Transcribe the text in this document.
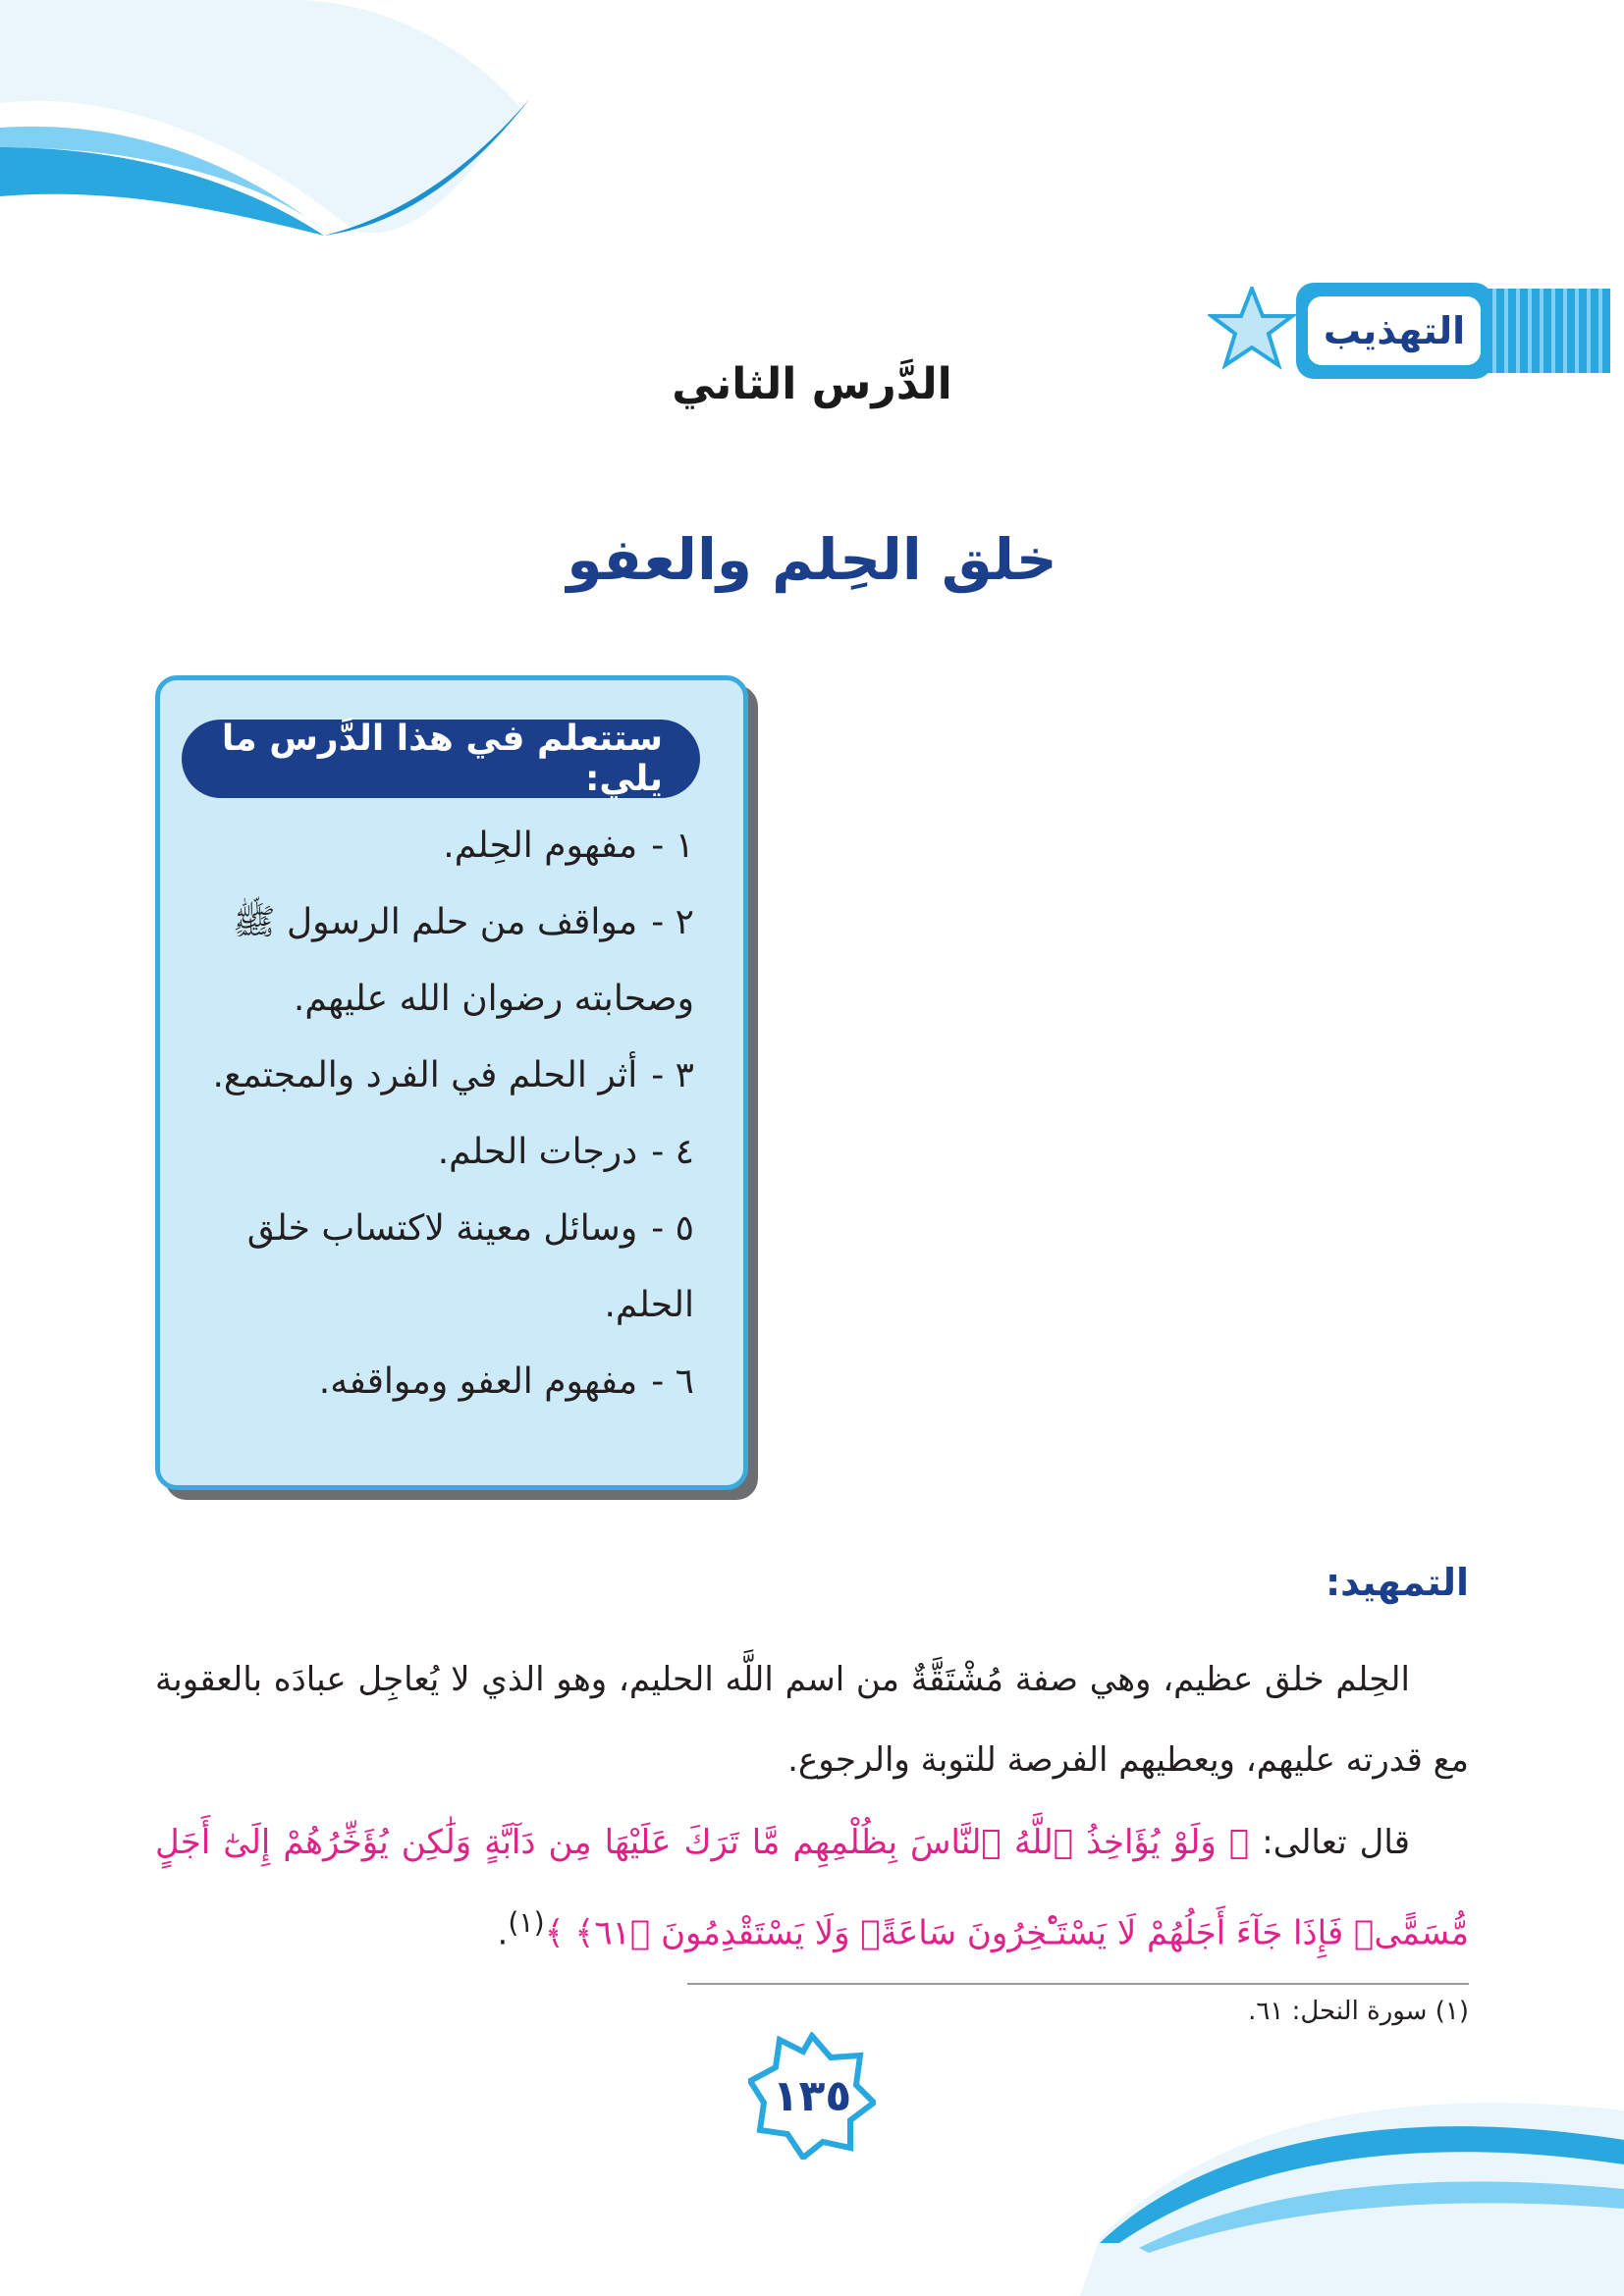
التهذيب
الدَّرس الثاني
خلق الحِلم والعفو
ستتعلم في هذا الدَّرس ما يلي:
١ -مفهوم الحِلم.
٢ -مواقف من حلم الرسول ﷺ وصحابته رضوان الله عليهم.
٣ -أثر الحلم في الفرد والمجتمع.
٤ -درجات الحلم.
٥ -وسائل معينة لاكتساب خلق الحلم.
٦ -مفهوم العفو ومواقفه.
التمهيد:
الحِلم خلق عظيم، وهي صفة مُشْتَقَّةٌ من اسم اللَّه الحليم، وهو الذي لا يُعاجِل عبادَه بالعقوبة مع قدرته عليهم، ويعطيهم الفرصة للتوبة والرجوع.
قال تعالى: ﴿ وَلَوْ يُؤَاخِذُ ٱللَّهُ ٱلنَّاسَ بِظُلْمِهِم مَّا تَرَكَ عَلَيْهَا مِن دَآبَّةٍ وَلَٰكِن يُؤَخِّرُهُمْ إِلَىٰٓ أَجَلٍ مُّسَمًّىۖ فَإِذَا جَآءَ أَجَلُهُمْ لَا يَسْتَـْٔخِرُونَ سَاعَةًۖ وَلَا يَسْتَقْدِمُونَ ﴿٦١﴾ ﴾$^{(١)}$.
(١) سورة النحل: ٦١.
١٣٥
